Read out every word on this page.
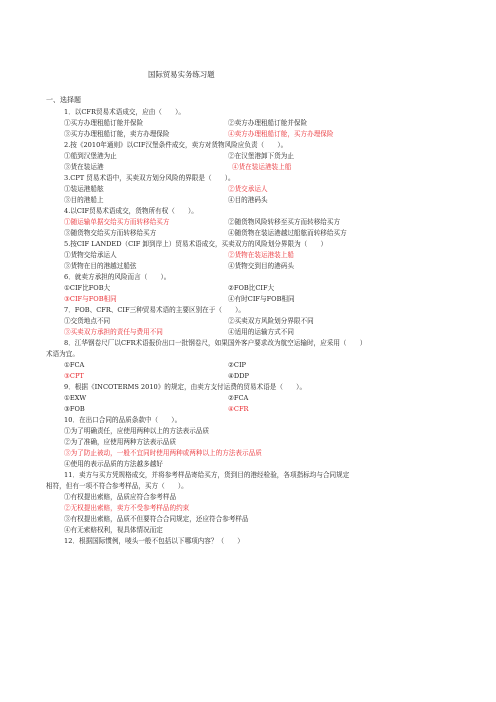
国际贸易实务练习题
一、选择题
1．以CFR贸易术语成交，应由（　　）。
①买方办理租船订舱并保险	②卖方办理租船订舱并保险
③买方办理租船订舱，卖方办理保险	④卖方办理租船订舱，买方办理保险
2.按《2010年通则》以CIF汉堡条件成交，卖方对货物风险应负责（　　）。
①船到汉堡港为止	②在汉堡港卸下货为止
③货在装运港	④货在装运港装上船
3.CPT 贸易术语中，买卖双方划分风险的界限是（　　）。
①装运港船舷	②货交承运人
③目的港船上	④目的港码头
4.以CIF贸易术语成交，货物所有权（　　）。
①随运输单据交给买方而转移给买方	②随货物风险转移至买方而转移给买方
③随货物交给买方而转移给买方	④随货物在装运港越过船舷而转移给买方
5.按CIF LANDED（CIF 卸到岸上）贸易术语成交，买卖双方的风险划分界限为（　　）
①货物交给承运人	②货物在装运港装上船
③货物在目的港越过船弦	④货物交到目的港码头
6．就卖方承担的风险而言（　　）。
①CIF比FOB大	②FOB比CIF大
③CIF与FOB相同	④有时CIF与FOB相同
7．FOB、CFR、CIF三种贸易术语的主要区别在于（　　）。
①交货地点不同	②买卖双方风险划分界限不同
③买卖双方承担的责任与费用不同	④适用的运输方式不同
8．江华钢卷尺厂以CFR术语报价出口一批钢卷尺，如果国外客户要求改为航空运输时，应采用（　　）
术语为宜。
①FCA	②CIP
③CPT	④DDP
9．根据《INCOTERMS 2010》的规定，由卖方支付运费的贸易术语是（　　）。
①EXW	②FCA
③FOB	④CFR
10．在出口合同的品质条款中（　　）。
①为了明确责任，应使用两种以上的方法表示品质
②为了准确，应使用两种方法表示品质
③为了防止被动，一般不宜同时使用两种或两种以上的方法表示品质
④使用的表示品质的方法越多越好
11．卖方与买方凭规格成交，并将参考样品寄给买方，货到目的港经检验，各项指标均与合同规定
相符，但有一项不符合参考样品，买方（　　）。
①有权提出索赔，品质应符合参考样品
②无权提出索赔，卖方不受参考样品的约束
③有权提出索赔，品质不但要符合合同规定，还应符合参考样品
④有无索赔权利，视具体情况而定
12．根据国际惯例，唛头一般不包括以下哪项内容？（　　）
